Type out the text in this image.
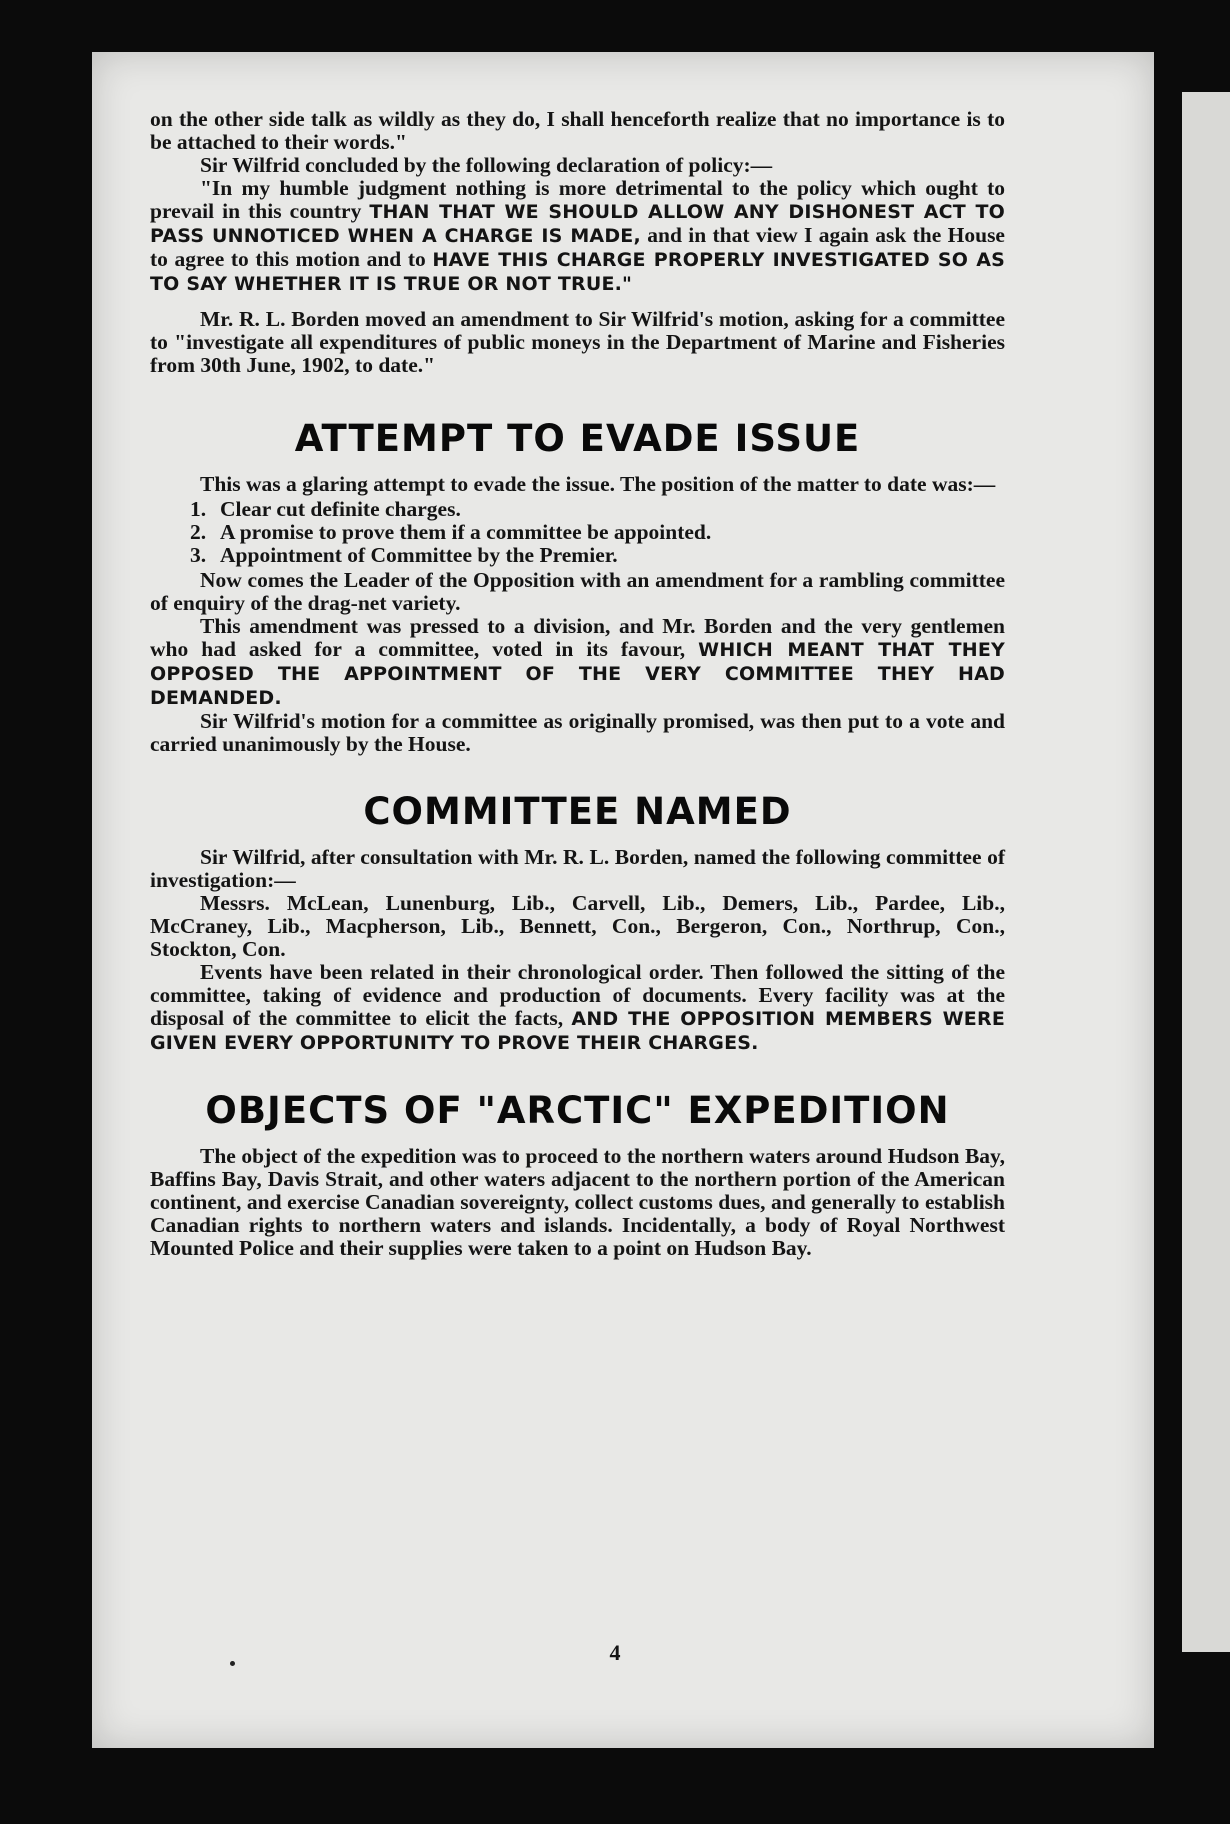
on the other side talk as wildly as they do, I shall henceforth realize that no importance is to be attached to their words."

Sir Wilfrid concluded by the following declaration of policy:—

"In my humble judgment nothing is more detrimental to the policy which ought to prevail in this country THAN THAT WE SHOULD ALLOW ANY DISHONEST ACT TO PASS UNNOTICED WHEN A CHARGE IS MADE, and in that view I again ask the House to agree to this motion and to HAVE THIS CHARGE PROPERLY INVESTIGATED SO AS TO SAY WHETHER IT IS TRUE OR NOT TRUE."

Mr. R. L. Borden moved an amendment to Sir Wilfrid's motion, asking for a committee to "investigate all expenditures of public moneys in the Department of Marine and Fisheries from 30th June, 1902, to date."

ATTEMPT TO EVADE ISSUE

This was a glaring attempt to evade the issue. The position of the matter to date was:—

1. Clear cut definite charges.
2. A promise to prove them if a committee be appointed.
3. Appointment of Committee by the Premier.

Now comes the Leader of the Opposition with an amendment for a rambling committee of enquiry of the drag-net variety.

This amendment was pressed to a division, and Mr. Borden and the very gentlemen who had asked for a committee, voted in its favour, WHICH MEANT THAT THEY OPPOSED THE APPOINTMENT OF THE VERY COMMITTEE THEY HAD DEMANDED.

Sir Wilfrid's motion for a committee as originally promised, was then put to a vote and carried unanimously by the House.

COMMITTEE NAMED

Sir Wilfrid, after consultation with Mr. R. L. Borden, named the following committee of investigation:—

Messrs. McLean, Lunenburg, Lib., Carvell, Lib., Demers, Lib., Pardee, Lib., McCraney, Lib., Macpherson, Lib., Bennett, Con., Bergeron, Con., Northrup, Con., Stockton, Con.

Events have been related in their chronological order. Then followed the sitting of the committee, taking of evidence and production of documents. Every facility was at the disposal of the committee to elicit the facts, AND THE OPPOSITION MEMBERS WERE GIVEN EVERY OPPORTUNITY TO PROVE THEIR CHARGES.

OBJECTS OF "ARCTIC" EXPEDITION

The object of the expedition was to proceed to the northern waters around Hudson Bay, Baffins Bay, Davis Strait, and other waters adjacent to the northern portion of the American continent, and exercise Canadian sovereignty, collect customs dues, and generally to establish Canadian rights to northern waters and islands. Incidentally, a body of Royal Northwest Mounted Police and their supplies were taken to a point on Hudson Bay.

4
